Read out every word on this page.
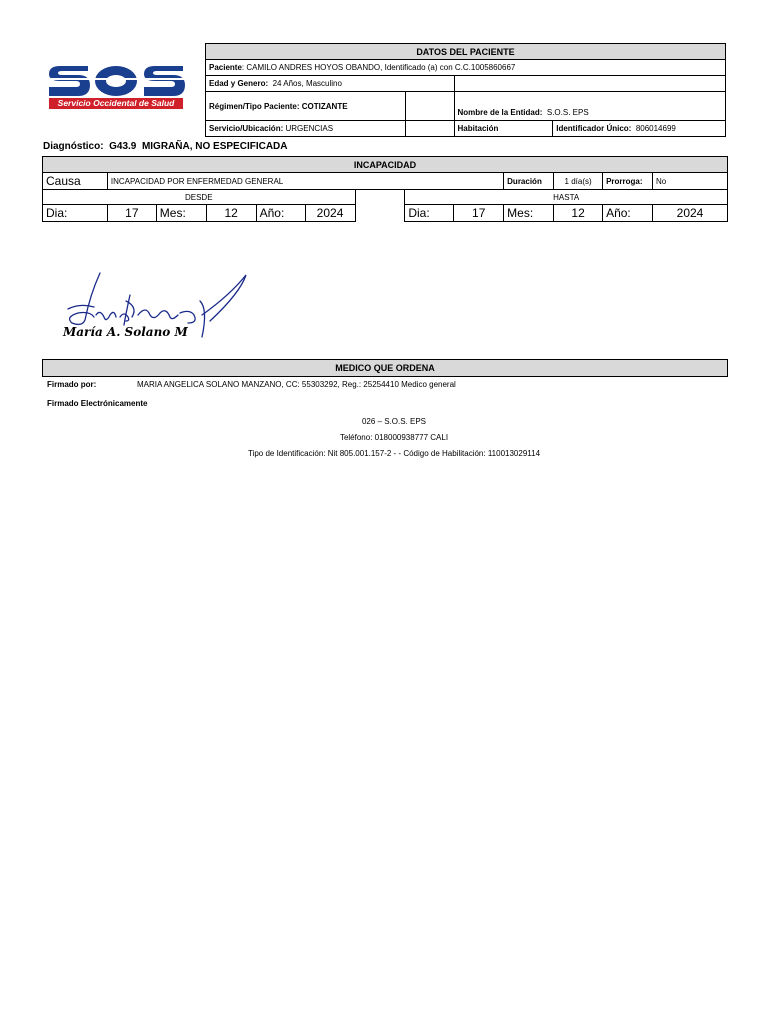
Servicio Occidental de Salud
DATOS DEL PACIENTE			
Paciente: CAMILO ANDRES HOYOS OBANDO, Identificado (a) con C.C.1005860667			
Edad y Genero: 24 Años, Masculino			
Régimen/Tipo Paciente: COTIZANTE		Nombre de la Entidad: S.O.S. EPS	
Servicio/Ubicación: URGENCIAS		Habitación	Identificador Único: 806014699
Diagnóstico: G43.9 MIGRAÑA, NO ESPECIFICADA
INCAPACIDAD												
Causa	INCAPACIDAD POR ENFERMEDAD GENERAL								Duración	1 día(s)	Prorroga:	No
DESDE							HASTA					
Dia:	17	Mes:	12	Año:	2024		Dia:	17	Mes:	12	Año:	2024
María A. Solano M
MEDICO QUE ORDENA
Firmado por:	MARIA ANGELICA SOLANO MANZANO, CC: 55303292, Reg.: 25254410 Medico general
Firmado Electrónicamente
026 – S.O.S. EPS
Teléfono: 018000938777 CALI
Tipo de Identificación: Nit 805.001.157-2 - - Código de Habilitación: 110013029114
